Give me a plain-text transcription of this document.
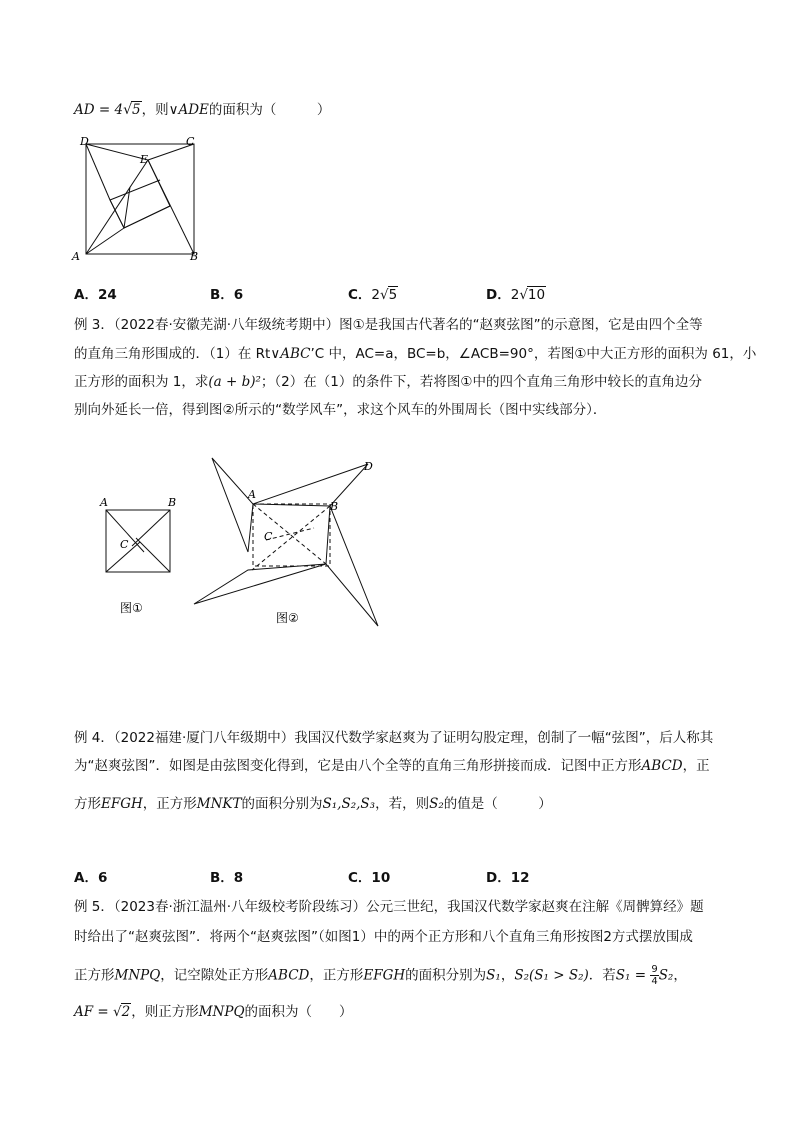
AD = 4√5，则∨ADE的面积为（　　　）
D	C
E
A	B
A．24	B．6	C．2√5	D．2√10
例 3．（2022春·安徽芜湖·八年级统考期中）图①是我国古代著名的“赵爽弦图”的示意图，它是由四个全等
的直角三角形围成的．（1）在 Rt∨ABC’C 中，AC=a，BC=b，∠ACB=90°，若图①中大正方形的面积为 61，小
正方形的面积为 1，求(a + b)²；（2）在（1）的条件下，若将图①中的四个直角三角形中较长的直角边分
别向外延长一倍，得到图②所示的“数学风车”，求这个风车的外围周长（图中实线部分）．
A	B
C
图①
A
B
C
D
图②
例 4．（2022福建·厦门八年级期中）我国汉代数学家赵爽为了证明勾股定理，创制了一幅“弦图”，后人称其
为“赵爽弦图”．如图是由弦图变化得到，它是由八个全等的直角三角形拼接而成．记图中正方形ABCD，正
方形EFGH，正方形MNKT的面积分别为S₁,S₂,S₃，若，则S₂的值是（　　　）
A．6	B．8	C．10	D．12
例 5．（2023春·浙江温州·八年级校考阶段练习）公元三世纪，我国汉代数学家赵爽在注解《周髀算经》题
时给出了“赵爽弦图”．将两个“赵爽弦图”（如图1）中的两个正方形和八个直角三角形按图2方式摆放围成
正方形MNPQ，记空隙处正方形ABCD，正方形EFGH的面积分别为S₁，S₂(S₁ > S₂)．若$S_1 = \frac{9}{4} S_2$，
AF = √2，则正方形MNPQ的面积为（　　）
